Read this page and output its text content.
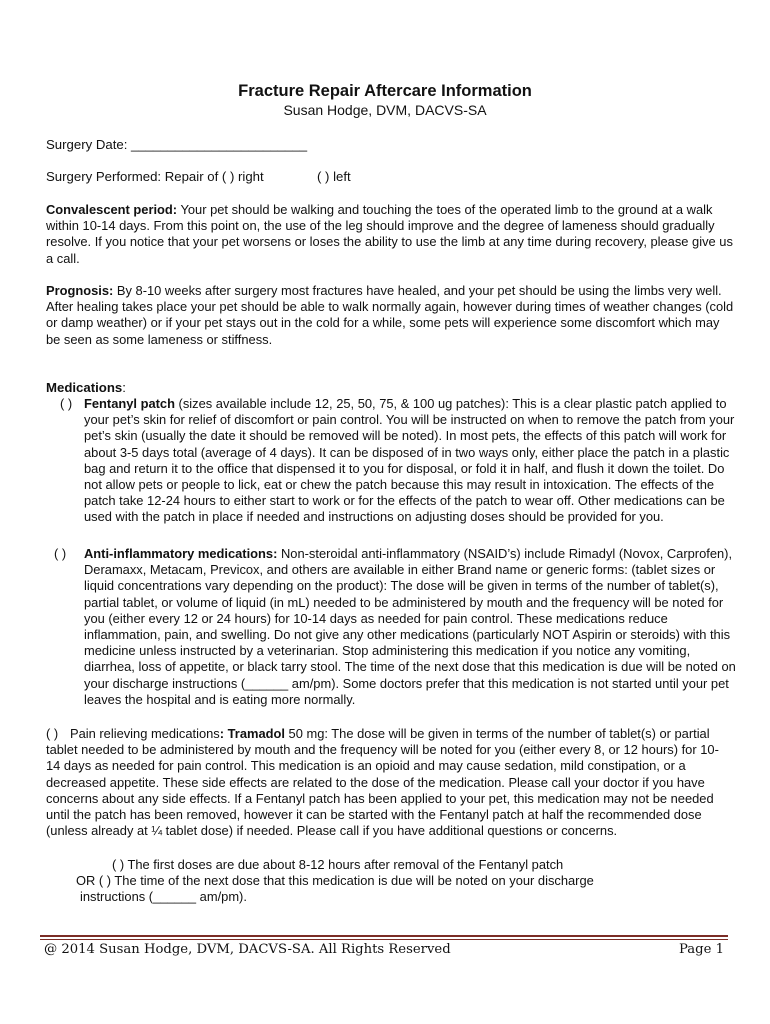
Fracture Repair Aftercare Information
Susan Hodge, DVM, DACVS-SA
Surgery Date: ________________________
Surgery Performed: Repair of ( ) right	( ) left
Convalescent period: Your pet should be walking and touching the toes of the operated limb to the ground at a walk within 10-14 days. From this point on, the use of the leg should improve and the degree of lameness should gradually resolve. If you notice that your pet worsens or loses the ability to use the limb at any time during recovery, please give us a call.
Prognosis: By 8-10 weeks after surgery most fractures have healed, and your pet should be using the limbs very well. After healing takes place your pet should be able to walk normally again, however during times of weather changes (cold or damp weather) or if your pet stays out in the cold for a while, some pets will experience some discomfort which may be seen as some lameness or stiffness.
Medications:
( ) Fentanyl patch (sizes available include 12, 25, 50, 75, & 100 ug patches): This is a clear plastic patch applied to your pet’s skin for relief of discomfort or pain control. You will be instructed on when to remove the patch from your pet’s skin (usually the date it should be removed will be noted). In most pets, the effects of this patch will work for about 3-5 days total (average of 4 days). It can be disposed of in two ways only, either place the patch in a plastic bag and return it to the office that dispensed it to you for disposal, or fold it in half, and flush it down the toilet. Do not allow pets or people to lick, eat or chew the patch because this may result in intoxication. The effects of the patch take 12-24 hours to either start to work or for the effects of the patch to wear off. Other medications can be used with the patch in place if needed and instructions on adjusting doses should be provided for you.
( ) Anti-inflammatory medications: Non-steroidal anti-inflammatory (NSAID’s) include Rimadyl (Novox, Carprofen), Deramaxx, Metacam, Previcox, and others are available in either Brand name or generic forms: (tablet sizes or liquid concentrations vary depending on the product): The dose will be given in terms of the number of tablet(s), partial tablet, or volume of liquid (in mL) needed to be administered by mouth and the frequency will be noted for you (either every 12 or 24 hours) for 10-14 days as needed for pain control. These medications reduce inflammation, pain, and swelling. Do not give any other medications (particularly NOT Aspirin or steroids) with this medicine unless instructed by a veterinarian. Stop administering this medication if you notice any vomiting, diarrhea, loss of appetite, or black tarry stool. The time of the next dose that this medication is due will be noted on your discharge instructions (______ am/pm). Some doctors prefer that this medication is not started until your pet leaves the hospital and is eating more normally.
( ) Pain relieving medications: Tramadol 50 mg: The dose will be given in terms of the number of tablet(s) or partial tablet needed to be administered by mouth and the frequency will be noted for you (either every 8, or 12 hours) for 10-14 days as needed for pain control. This medication is an opioid and may cause sedation, mild constipation, or a decreased appetite. These side effects are related to the dose of the medication. Please call your doctor if you have concerns about any side effects. If a Fentanyl patch has been applied to your pet, this medication may not be needed until the patch has been removed, however it can be started with the Fentanyl patch at half the recommended dose (unless already at ¼ tablet dose) if needed. Please call if you have additional questions or concerns.
( ) The first doses are due about 8-12 hours after removal of the Fentanyl patch
OR ( ) The time of the next dose that this medication is due will be noted on your discharge
instructions (______ am/pm).
@ 2014 Susan Hodge, DVM, DACVS-SA. All Rights Reserved	Page 1
